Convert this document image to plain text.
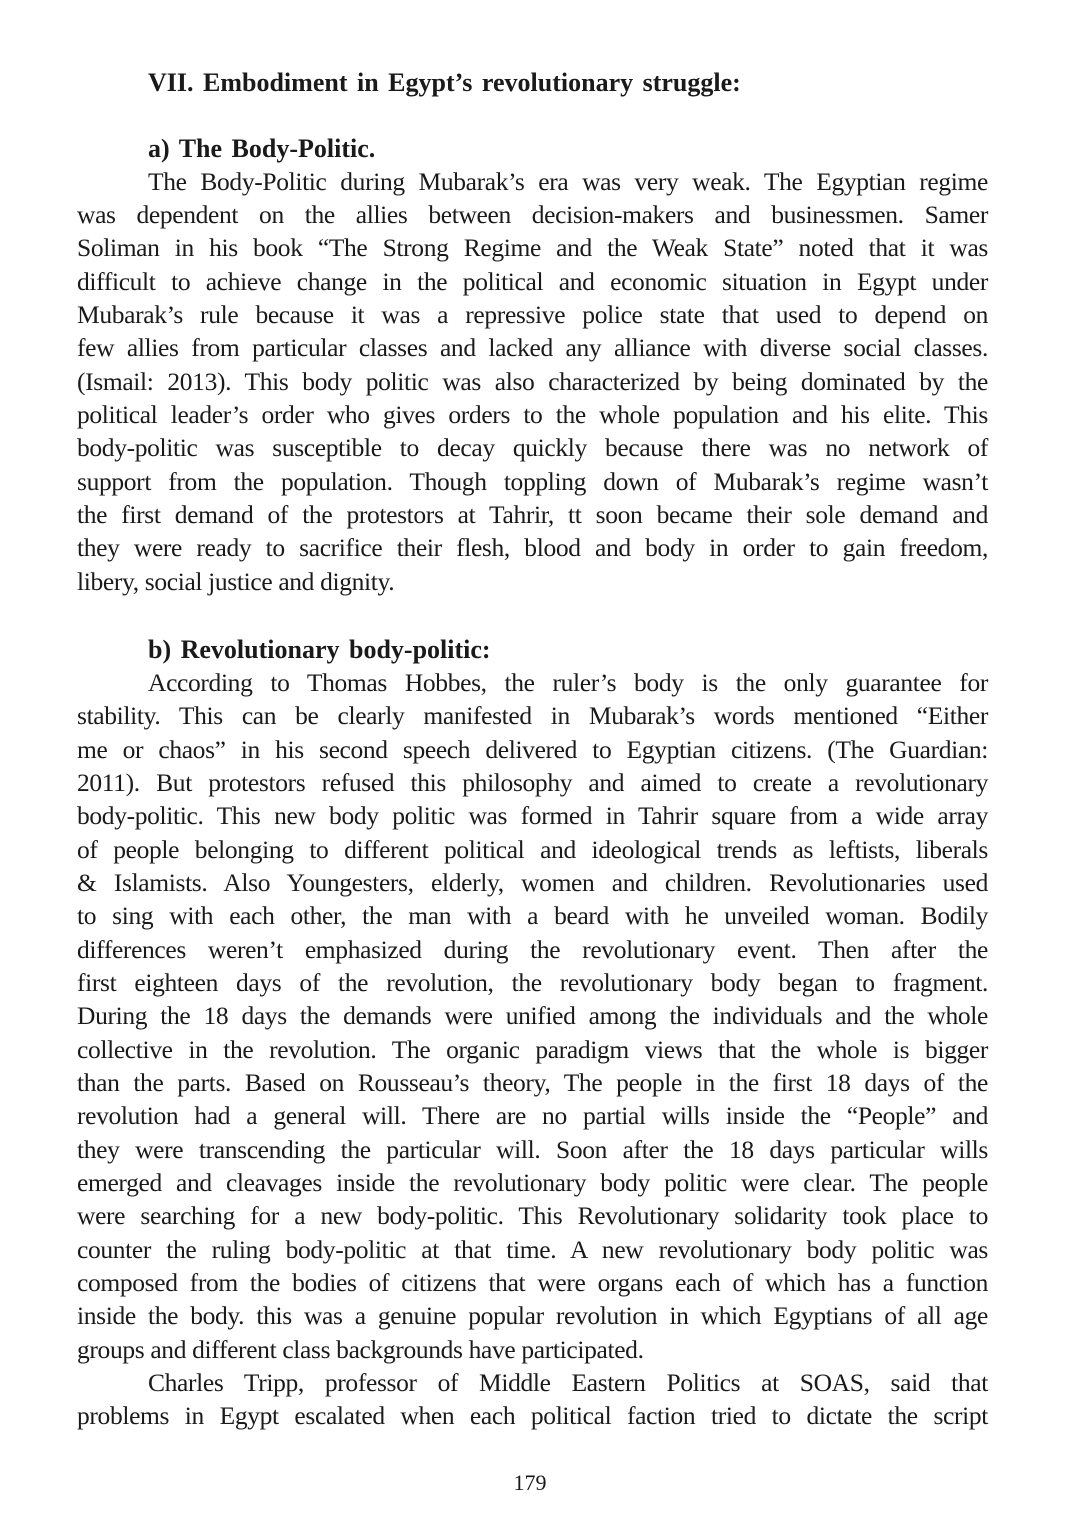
VII. Embodiment in Egypt’s revolutionary struggle:
a) The Body-Politic.
The Body-Politic during Mubarak’s era was very weak. The Egyptian regime
was dependent on the allies between decision-makers and businessmen. Samer
Soliman in his book “The Strong Regime and the Weak State” noted that it was
difficult to achieve change in the political and economic situation in Egypt under
Mubarak’s rule because it was a repressive police state that used to depend on
few allies from particular classes and lacked any alliance with diverse social classes.
(Ismail: 2013). This body politic was also characterized by being dominated by the
political leader’s order who gives orders to the whole population and his elite. This
body-politic was susceptible to decay quickly because there was no network of
support from the population. Though toppling down of Mubarak’s regime wasn’t
the first demand of the protestors at Tahrir, tt soon became their sole demand and
they were ready to sacrifice their flesh, blood and body in order to gain freedom,
libery, social justice and dignity.
b) Revolutionary body-politic:
According to Thomas Hobbes, the ruler’s body is the only guarantee for
stability. This can be clearly manifested in Mubarak’s words mentioned “Either
me or chaos” in his second speech delivered to Egyptian citizens. (The Guardian:
2011). But protestors refused this philosophy and aimed to create a revolutionary
body-politic. This new body politic was formed in Tahrir square from a wide array
of people belonging to different political and ideological trends as leftists, liberals
& Islamists. Also Youngesters, elderly, women and children. Revolutionaries used
to sing with each other, the man with a beard with he unveiled woman. Bodily
differences weren’t emphasized during the revolutionary event. Then after the
first eighteen days of the revolution, the revolutionary body began to fragment.
During the 18 days the demands were unified among the individuals and the whole
collective in the revolution. The organic paradigm views that the whole is bigger
than the parts. Based on Rousseau’s theory, The people in the first 18 days of the
revolution had a general will. There are no partial wills inside the “People” and
they were transcending the particular will. Soon after the 18 days particular wills
emerged and cleavages inside the revolutionary body politic were clear. The people
were searching for a new body-politic. This Revolutionary solidarity took place to
counter the ruling body-politic at that time. A new revolutionary body politic was
composed from the bodies of citizens that were organs each of which has a function
inside the body. this was a genuine popular revolution in which Egyptians of all age
groups and different class backgrounds have participated.
Charles Tripp, professor of Middle Eastern Politics at SOAS, said that
problems in Egypt escalated when each political faction tried to dictate the script
179
